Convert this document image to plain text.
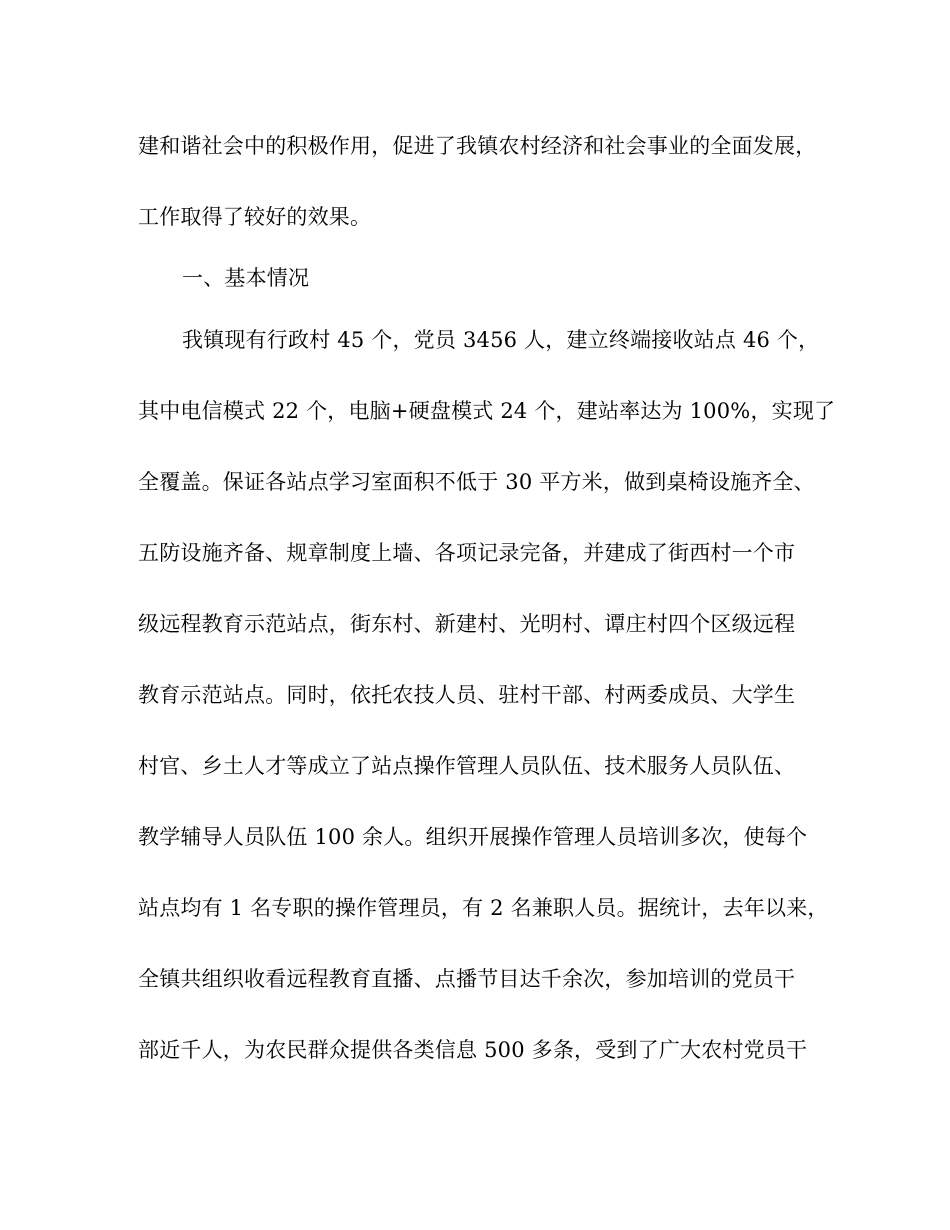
建和谐社会中的积极作用，促进了我镇农村经济和社会事业的全面发展，
工作取得了较好的效果。
一、基本情况
我镇现有行政村 45 个，党员 3456 人，建立终端接收站点 46 个，
其中电信模式 22 个，电脑+硬盘模式 24 个，建站率达为 100%，实现了
全覆盖。保证各站点学习室面积不低于 30 平方米，做到桌椅设施齐全、
五防设施齐备、规章制度上墙、各项记录完备，并建成了街西村一个市
级远程教育示范站点，街东村、新建村、光明村、谭庄村四个区级远程
教育示范站点。同时，依托农技人员、驻村干部、村两委成员、大学生
村官、乡土人才等成立了站点操作管理人员队伍、技术服务人员队伍、
教学辅导人员队伍 100 余人。组织开展操作管理人员培训多次，使每个
站点均有 1 名专职的操作管理员，有 2 名兼职人员。据统计，去年以来，
全镇共组织收看远程教育直播、点播节目达千余次，参加培训的党员干
部近千人，为农民群众提供各类信息 500 多条，受到了广大农村党员干
